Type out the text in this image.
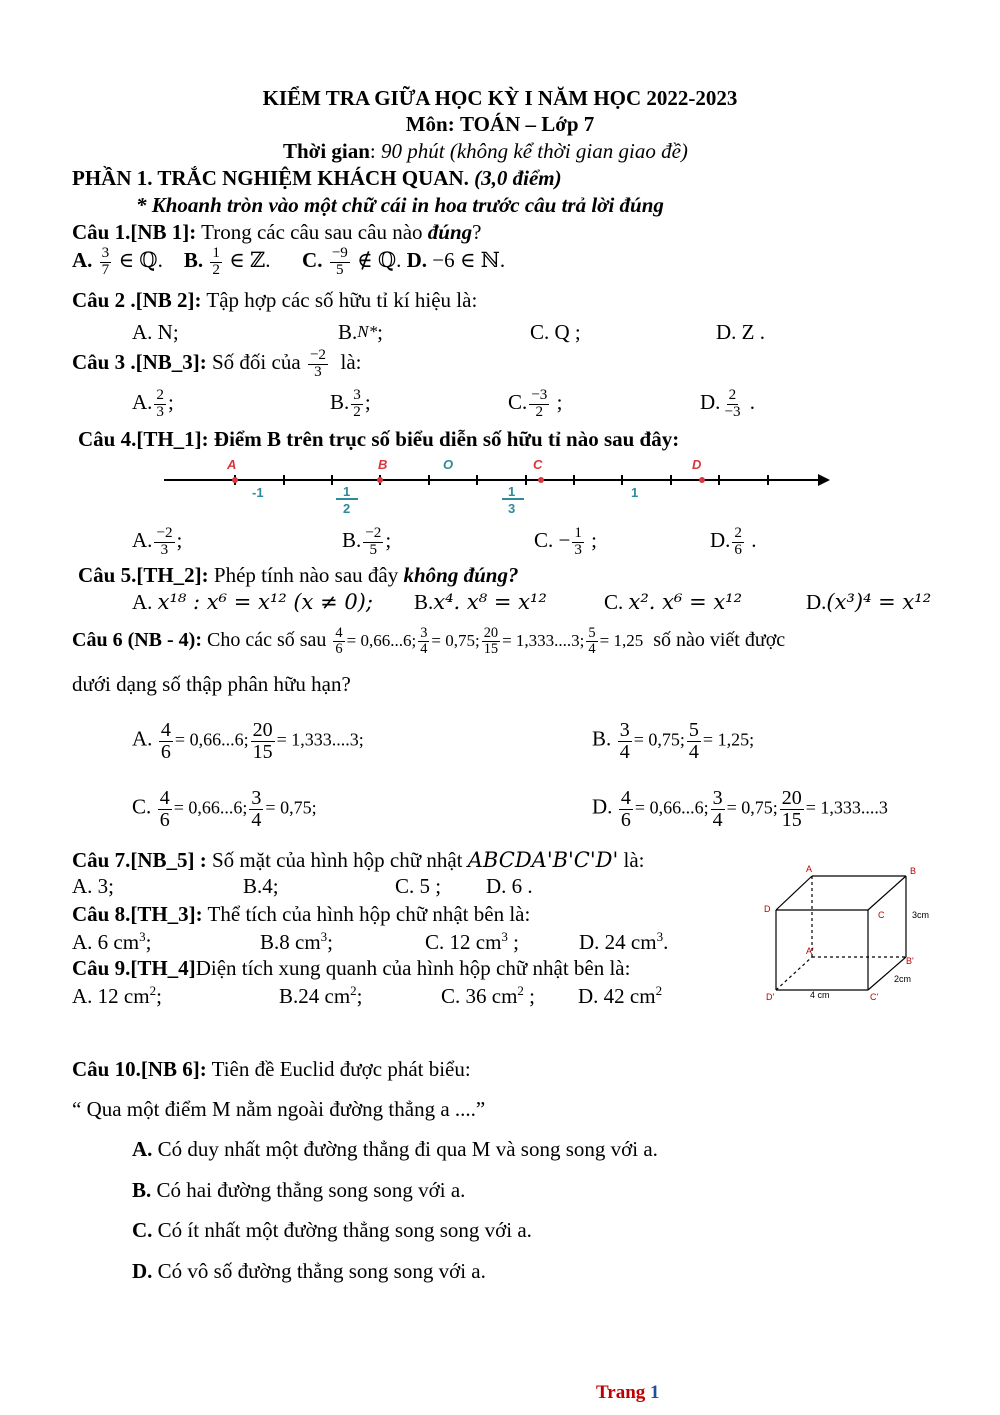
KIỂM TRA GIỮA HỌC KỲ I NĂM HỌC 2022-2023
Môn: TOÁN – Lớp 7
Thời gian: 90 phút (không kể thời gian giao đề)
PHẦN 1. TRẮC NGHIỆM KHÁCH QUAN. (3,0 điểm)
* Khoanh tròn vào một chữ cái in hoa trước câu trả lời đúng
Câu 1.[NB 1]: Trong các câu sau câu nào đúng?
A. $\frac{3}{7}$ ∈ ℚ. B. $\frac{1}{2}$ ∈ ℤ. C. $\frac{-9}{5}$ ∉ ℚ. D. −6 ∈ ℕ.
Câu 2 .[NB 2]: Tập hợp các số hữu tỉ kí hiệu là:
A. N;	B.N*;	C. Q ;	D. Z .
Câu 3 .[NB_3]: Số đối của $\frac{-2}{3}$ là:
A. $\frac{2}{3}$ ;	B. $\frac{3}{2}$ ;	C. $\frac{-3}{2}$ ;	D. $\frac{2}{-3}$ .
Câu 4.[TH_1]: Điểm B trên trục số biểu diễn số hữu tỉ nào sau đây:
A	B	O	C	D
-1	1
2
1
3
1
A. $\frac{-2}{3}$ ;	B. $\frac{-2}{5}$ ;	C. − $\frac{1}{3}$ ;	D. $\frac{2}{6}$ .
Câu 5.[TH_2]: Phép tính nào sau đây không đúng?
A. x¹⁸ : x⁶ = x¹² (x ≠ 0); B.x⁴. x⁸ = x¹²	C. x². x⁶ = x¹²	D.(x³)⁴ = x¹²
Câu 6 (NB - 4): Cho các số sau $\frac{4}{6} = 0,66...6$; $\frac{3}{4} = 0,75$; $\frac{20}{15} = 1,333....3$; $\frac{5}{4} = 1,25$ số nào viết được
dưới dạng số thập phân hữu hạn?
A. $\frac{4}{6} = 0,66...6$; $\frac{20}{15} = 1,333....3$;	B. $\frac{3}{4} = 0,75$; $\frac{5}{4} = 1,25$;
C. $\frac{4}{6} = 0,66...6$; $\frac{3}{4} = 0,75$;	D. $\frac{4}{6} = 0,66...6$; $\frac{3}{4} = 0,75$; $\frac{20}{15} = 1,333....3$
Câu 7.[NB_5] : Số mặt của hình hộp chữ nhật ABCDA'B'C'D' là:
A. 3;	B.4;	C. 5 ; D. 6 .
Câu 8.[TH_3]: Thể tích của hình hộp chữ nhật bên là:
A. 6 $cm^3$;	B.8 $cm^3$;	C. 12 $cm^3$ ;	D. 24 $cm^3$.
Câu 9.[TH_4]Diện tích xung quanh của hình hộp chữ nhật bên là:
A. 12 $cm^2$;	B.24 $cm^2$;	C. 36 $cm^2$ ; D. 42 $cm^2$
A	B
C
D
A'
B'
C'
D'
3cm
2cm
4 cm
Câu 10.[NB 6]: Tiên đề Euclid được phát biểu:
“ Qua một điểm M nằm ngoài đường thẳng a ....”
A. Có duy nhất một đường thẳng đi qua M và song song với a.
B. Có hai đường thẳng song song với a.
C. Có ít nhất một đường thẳng song song với a.
D. Có vô số đường thẳng song song với a.
Trang 1
